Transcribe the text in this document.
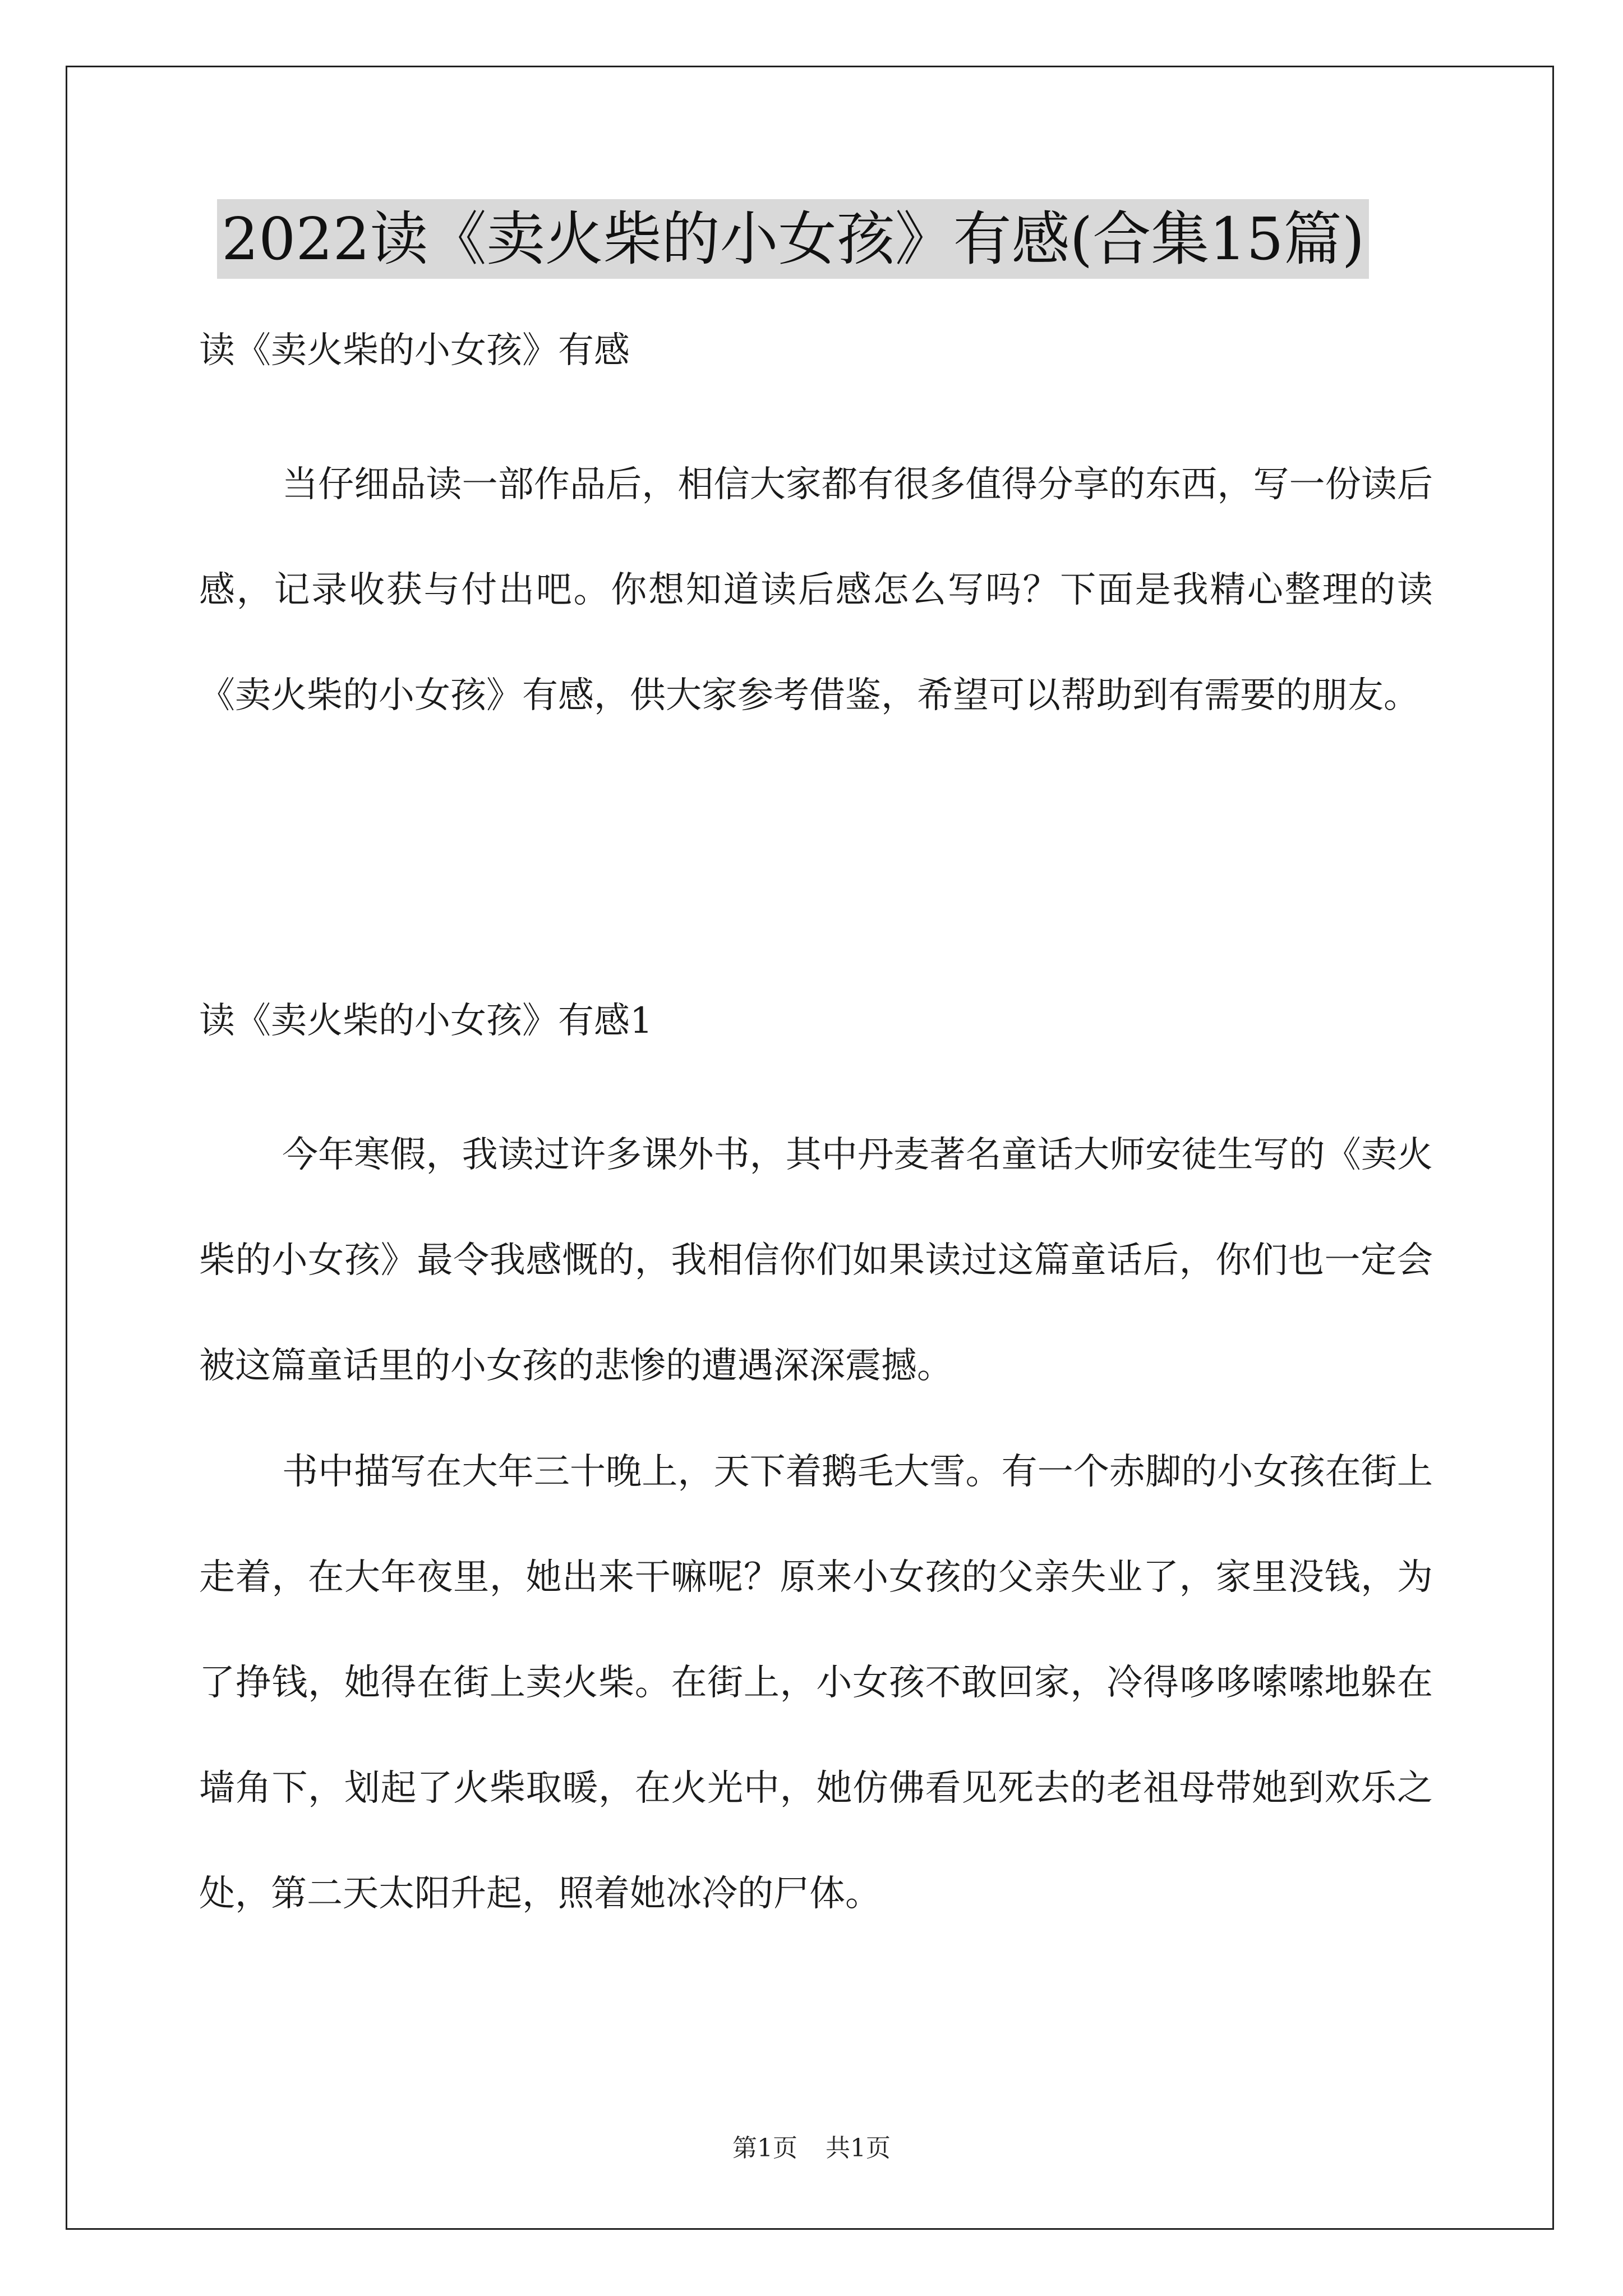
2022读《卖火柴的小女孩》有感(合集15篇)
读《卖火柴的小女孩》有感
当仔细品读一部作品后，相信大家都有很多值得分享的东西，写一份读后感，记录收获与付出吧。你想知道读后感怎么写吗？下面是我精心整理的读《卖火柴的小女孩》有感，供大家参考借鉴，希望可以帮助到有需要的朋友。
读《卖火柴的小女孩》有感1
今年寒假，我读过许多课外书，其中丹麦著名童话大师安徒生写的《卖火柴的小女孩》最令我感慨的，我相信你们如果读过这篇童话后，你们也一定会被这篇童话里的小女孩的悲惨的遭遇深深震撼。
书中描写在大年三十晚上，天下着鹅毛大雪。有一个赤脚的小女孩在街上走着，在大年夜里，她出来干嘛呢？原来小女孩的父亲失业了，家里没钱，为了挣钱，她得在街上卖火柴。在街上，小女孩不敢回家，冷得哆哆嗦嗦地躲在墙角下，划起了火柴取暖，在火光中，她仿佛看见死去的老祖母带她到欢乐之处，第二天太阳升起，照着她冰冷的尸体。
第1页 共1页
